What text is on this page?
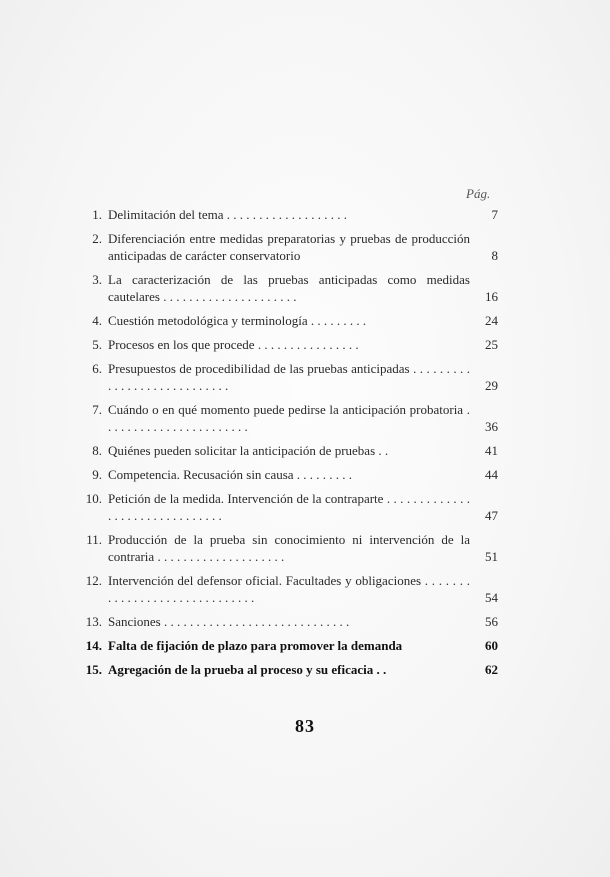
Pág.
1. Delimitación del tema . . . . . . . . . . . . . . . . . . .	7
2. Diferenciación entre medidas preparatorias y pruebas de producción anticipadas de carácter conservatorio	8
3. La caracterización de las pruebas anticipadas como medidas cautelares . . . . . . . . . . . . . . . . . . . . .	16
4. Cuestión metodológica y terminología . . . . . . . . .	24
5. Procesos en los que procede . . . . . . . . . . . . . . . .	25
6. Presupuestos de procedibilidad de las pruebas anticipadas . . . . . . . . . . . . . . . . . . . . . . . . . . . .	29
7. Cuándo o en qué momento puede pedirse la anticipación probatoria . . . . . . . . . . . . . . . . . . . . . . .	36
8. Quiénes pueden solicitar la anticipación de pruebas . .	41
9. Competencia. Recusación sin causa . . . . . . . . .	44
10. Petición de la medida. Intervención de la contraparte . . . . . . . . . . . . . . . . . . . . . . . . . . . . . . .	47
11. Producción de la prueba sin conocimiento ni intervención de la contraria . . . . . . . . . . . . . . . . . . . .	51
12. Intervención del defensor oficial. Facultades y obligaciones . . . . . . . . . . . . . . . . . . . . . . . . . . . . . .	54
13. Sanciones . . . . . . . . . . . . . . . . . . . . . . . . . . . . .	56
14. Falta de fijación de plazo para promover la demanda	60
15. Agregación de la prueba al proceso y su eficacia . .	62
83
